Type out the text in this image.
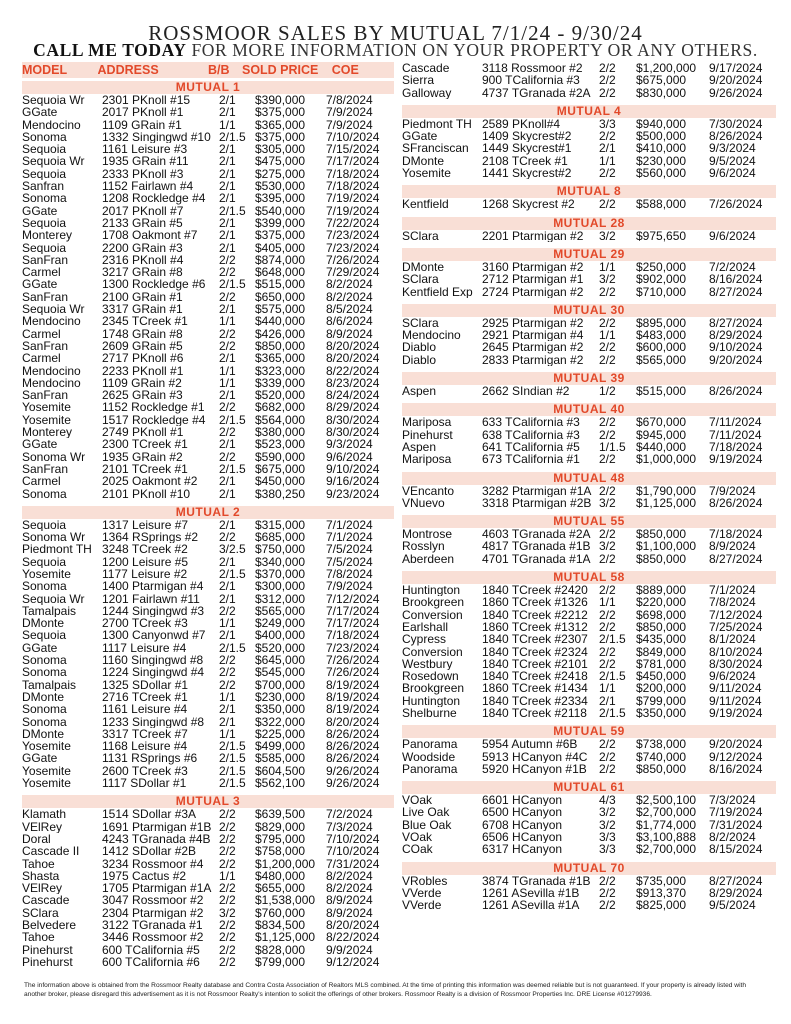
ROSSMOOR SALES BY MUTUAL 7/1/24 - 9/30/24
CALL ME TODAY FOR MORE INFORMATION ON YOUR PROPERTY OR ANY OTHERS.
MODEL	ADDRESS	B/B SOLD PRICE	COE
MUTUAL 1
Sequoia Wr	2301 PKnoll #15	2/1	$390,000	7/8/2024
GGate	2017 PKnoll #1	2/1	$375,000	7/9/2024
Mendocino	1109 GRain #1	1/1	$365,000	7/9/2024
Sonoma	1332 Singingwd #10 2/1.5 $375,000	7/10/2024
Sequoia	1161 Leisure #3	2/1	$305,000	7/15/2024
Sequoia Wr	1935 GRain #11	2/1	$475,000	7/17/2024
Sequoia	2333 PKnoll #3	2/1	$275,000	7/18/2024
Sanfran	1152 Fairlawn #4	2/1	$530,000	7/18/2024
Sonoma	1208 Rockledge #4	2/1	$395,000	7/19/2024
GGate	2017 PKnoll #7	2/1.5 $540,000	7/19/2024
Sequoia	2133 GRain #5	2/1	$399,000	7/22/2024
Monterey	1708 Oakmont #7	2/1	$375,000	7/23/2024
Sequoia	2200 GRain #3	2/1	$405,000	7/23/2024
SanFran	2316 PKnoll #4	2/2	$874,000	7/26/2024
Carmel	3217 GRain #8	2/2	$648,000	7/29/2024
GGate	1300 Rockledge #6	2/1.5 $515,000	8/2/2024
SanFran	2100 GRain #1	2/2	$650,000	8/2/2024
Sequoia Wr	3317 GRain #1	2/1	$575,000	8/5/2024
Mendocino	2345 TCreek #1	1/1	$440,000	8/6/2024
Carmel	1748 GRain #8	2/2	$426,000	8/9/2024
SanFran	2609 GRain #5	2/2	$850,000	8/20/2024
Carmel	2717 PKnoll #6	2/1	$365,000	8/20/2024
Mendocino	2233 PKnoll #1	1/1	$323,000	8/22/2024
Mendocino	1109 GRain #2	1/1	$339,000	8/23/2024
SanFran	2625 GRain #3	2/1	$520,000	8/24/2024
Yosemite	1152 Rockledge #1	2/2	$682,000	8/29/2024
Yosemite	1517 Rockledge #4	2/1.5 $564,000	8/30/2024
Monterey	2749 PKnoll #1	2/2	$380,000	8/30/2024
GGate	2300 TCreek #1	2/1	$523,000	9/3/2024
Sonoma Wr	1935 GRain #2	2/2	$590,000	9/6/2024
SanFran	2101 TCreek #1	2/1.5 $675,000	9/10/2024
Carmel	2025 Oakmont #2	2/1	$450,000	9/16/2024
Sonoma	2101 PKnoll #10	2/1	$380,250	9/23/2024
MUTUAL 2
Sequoia	1317 Leisure #7	2/1	$315,000	7/1/2024
Sonoma Wr	1364 RSprings #2	2/2	$685,000	7/1/2024
Piedmont TH 3248 TCreek #2	3/2.5 $750,000	7/5/2024
Sequoia	1200 Leisure #5	2/1	$340,000	7/5/2024
Yosemite	1177 Leisure #2	2/1.5 $370,000	7/8/2024
Sonoma	1400 Ptarmigan #4	2/1	$300,000	7/9/2024
Sequoia Wr	1201 Fairlawn #11	2/1	$312,000	7/12/2024
Tamalpais	1244 Singingwd #3	2/2	$565,000	7/17/2024
DMonte	2700 TCreek #3	1/1	$249,000	7/17/2024
Sequoia	1300 Canyonwd #7	2/1	$400,000	7/18/2024
GGate	1117 Leisure #4	2/1.5 $520,000	7/23/2024
Sonoma	1160 Singingwd #8	2/2	$645,000	7/26/2024
Sonoma	1224 Singingwd #4	2/2	$545,000	7/26/2024
Tamalpais	1325 SDollar #1	2/2	$700,000	8/19/2024
DMonte	2716 TCreek #1	1/1	$230,000	8/19/2024
Sonoma	1161 Leisure #4	2/1	$350,000	8/19/2024
Sonoma	1233 Singingwd #8	2/1	$322,000	8/20/2024
DMonte	3317 TCreek #7	1/1	$225,000	8/26/2024
Yosemite	1168 Leisure #4	2/1.5 $499,000	8/26/2024
GGate	1131 RSprings #6	2/1.5 $585,000	8/26/2024
Yosemite	2600 TCreek #3	2/1.5 $604,500	9/26/2024
Yosemite	1117 SDollar #1	2/1.5 $562,100	9/26/2024
MUTUAL 3
Klamath	1514 SDollar #3A	2/2	$639,500	7/2/2024
VElRey	1691 Ptarmigan #1B 2/2	$829,000	7/3/2024
Doral	4243 TGranada #4B 2/2	$795,000	7/10/2024
Cascade II	1412 SDollar #2B	2/2	$758,000	7/10/2024
Tahoe	3234 Rossmoor #4	2/2	$1,200,000 7/31/2024
Shasta	1975 Cactus #2	1/1	$480,000	8/2/2024
VElRey	1705 Ptarmigan #1A 2/2	$655,000	8/2/2024
Cascade	3047 Rossmoor #2	2/2	$1,538,000 8/9/2024
SClara	2304 Ptarmigan #2	3/2	$760,000	8/9/2024
Belvedere	3122 TGranada #1	2/2	$834,500	8/20/2024
Tahoe	3446 Rossmoor #2	2/2	$1,125,000 8/22/2024
Pinehurst	600 TCalifornia #5	2/2	$828,000	9/9/2024
Pinehurst	600 TCalifornia #6	2/2	$799,000	9/12/2024
Cascade	3118 Rossmoor #2	2/2	$1,200,000	9/17/2024
Sierra	900 TCalifornia #3	2/2	$675,000	9/20/2024
Galloway	4737 TGranada #2A 2/2	$830,000	9/26/2024
MUTUAL 4
Piedmont TH 2589 PKnoll#4	3/3	$940,000	7/30/2024
GGate	1409 Skycrest#2	2/2	$500,000	8/26/2024
SFranciscan	1449 Skycrest#1	2/1	$410,000	9/3/2024
DMonte	2108 TCreek #1	1/1	$230,000	9/5/2024
Yosemite	1441 Skycrest#2	2/2	$560,000	9/6/2024
MUTUAL 8
Kentfield	1268 Skycrest #2	2/2	$588,000	7/26/2024
MUTUAL 28
SClara	2201 Ptarmigan #2	3/2	$975,650	9/6/2024
MUTUAL 29
DMonte	3160 Ptarmigan #2	1/1	$250,000	7/2/2024
SClara	2712 Ptarmigan #1	3/2	$902,000	8/16/2024
Kentfield Exp 2724 Ptarmigan #2	2/2	$710,000	8/27/2024
MUTUAL 30
SClara	2925 Ptarmigan #2	2/2	$895,000	8/27/2024
Mendocino	2921 Ptarmigan #4	1/1	$483,000	8/29/2024
Diablo	2645 Ptarmigan #2	2/2	$600,000	9/10/2024
Diablo	2833 Ptarmigan #2	2/2	$565,000	9/20/2024
MUTUAL 39
Aspen	2662 SIndian #2	1/2	$515,000	8/26/2024
MUTUAL 40
Mariposa	633 TCalifornia #3	2/2	$670,000	7/11/2024
Pinehurst	638 TCalifornia #3	2/2	$945,000	7/11/2024
Aspen	641 TCalifornia #5	1/1.5 $440,000	7/18/2024
Mariposa	673 TCalifornia #1	2/2	$1,000,000	9/19/2024
MUTUAL 48
VEncanto	3282 Ptarmigan #1A 2/2	$1,790,000	7/9/2024
VNuevo	3318 Ptarmigan #2B 3/2	$1,125,000	8/26/2024
MUTUAL 55
Montrose	4603 TGranada #2A 2/2	$850,000	7/18/2024
Rosslyn	4817 TGranada #1B 3/2	$1,100,000	8/9/2024
Aberdeen	4701 TGranada #1A 2/2	$850,000	8/27/2024
MUTUAL 58
Huntington	1840 TCreek #2420 2/2	$889,000	7/1/2024
Brookgreen	1860 TCreek #1326 1/1	$220,000	7/8/2024
Conversion	1840 TCreek #2212 2/2	$698,000	7/12/2024
Earlshall	1860 TCreek #1312 2/2	$850,000	7/25/2024
Cypress	1840 TCreek #2307 2/1.5 $435,000	8/1/2024
Conversion	1840 TCreek #2324 2/2	$849,000	8/10/2024
Westbury	1840 TCreek #2101 2/2	$781,000	8/30/2024
Rosedown	1840 TCreek #2418 2/1.5 $450,000	9/6/2024
Brookgreen	1860 TCreek #1434 1/1	$200,000	9/11/2024
Huntington	1840 TCreek #2334 2/1	$799,000	9/11/2024
Shelburne	1840 TCreek #2118	2/1.5 $350,000	9/19/2024
MUTUAL 59
Panorama	5954 Autumn #6B	2/2	$738,000	9/20/2024
Woodside	5913 HCanyon #4C 2/2	$740,000	9/12/2024
Panorama	5920 HCanyon #1B	2/2	$850,000	8/16/2024
MUTUAL 61
VOak	6601 HCanyon	4/3	$2,500,100	7/3/2024
Live Oak	6500 HCanyon	3/2	$2,700,000	7/19/2024
Blue Oak	6708 HCanyon	3/2	$1,774,000	7/31/2024
VOak	6506 HCanyon	3/3	$3,100,888	8/2/2024
COak	6317 HCanyon	3/3	$2,700,000	8/15/2024
MUTUAL 70
VRobles	3874 TGranada #1B 2/2	$735,000	8/27/2024
VVerde	1261 ASevilla #1B	2/2	$913,370	8/29/2024
VVerde	1261 ASevilla #1A	2/2	$825,000	9/5/2024
The information above is obtained from the Rossmoor Realty database and Contra Costa Association of Realtors MLS combined. At the time of printing this information was deemed reliable but is not guaranteed. If your property is already listed with another broker, please disregard this advertisement as it is not Rossmoor Realty's intention to solicit the offerings of other brokers. Rossmoor Realty is a division of Rossmoor Properties Inc. DRE License #01279936.
